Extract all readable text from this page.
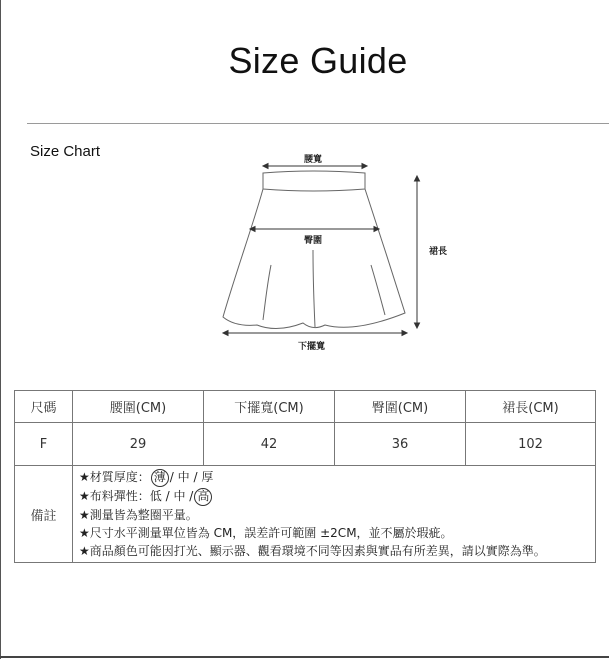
Size Guide
Size Chart	腰寬
臀圍
下擺寬
裙長
尺碼	腰圍(CM)	下擺寬(CM)	臀圍(CM)	裙長(CM)
F	29	42	36	102
備註	★材質厚度： 薄 / 中 / 厚
★布料彈性：低 / 中 / 高
★測量皆為整圈平量。
★尺寸水平測量單位皆為 CM，誤差許可範圍 ±2CM，並不屬於瑕疵。
★商品顏色可能因打光、顯示器、觀看環境不同等因素與實品有所差異，請以實際為準。			
